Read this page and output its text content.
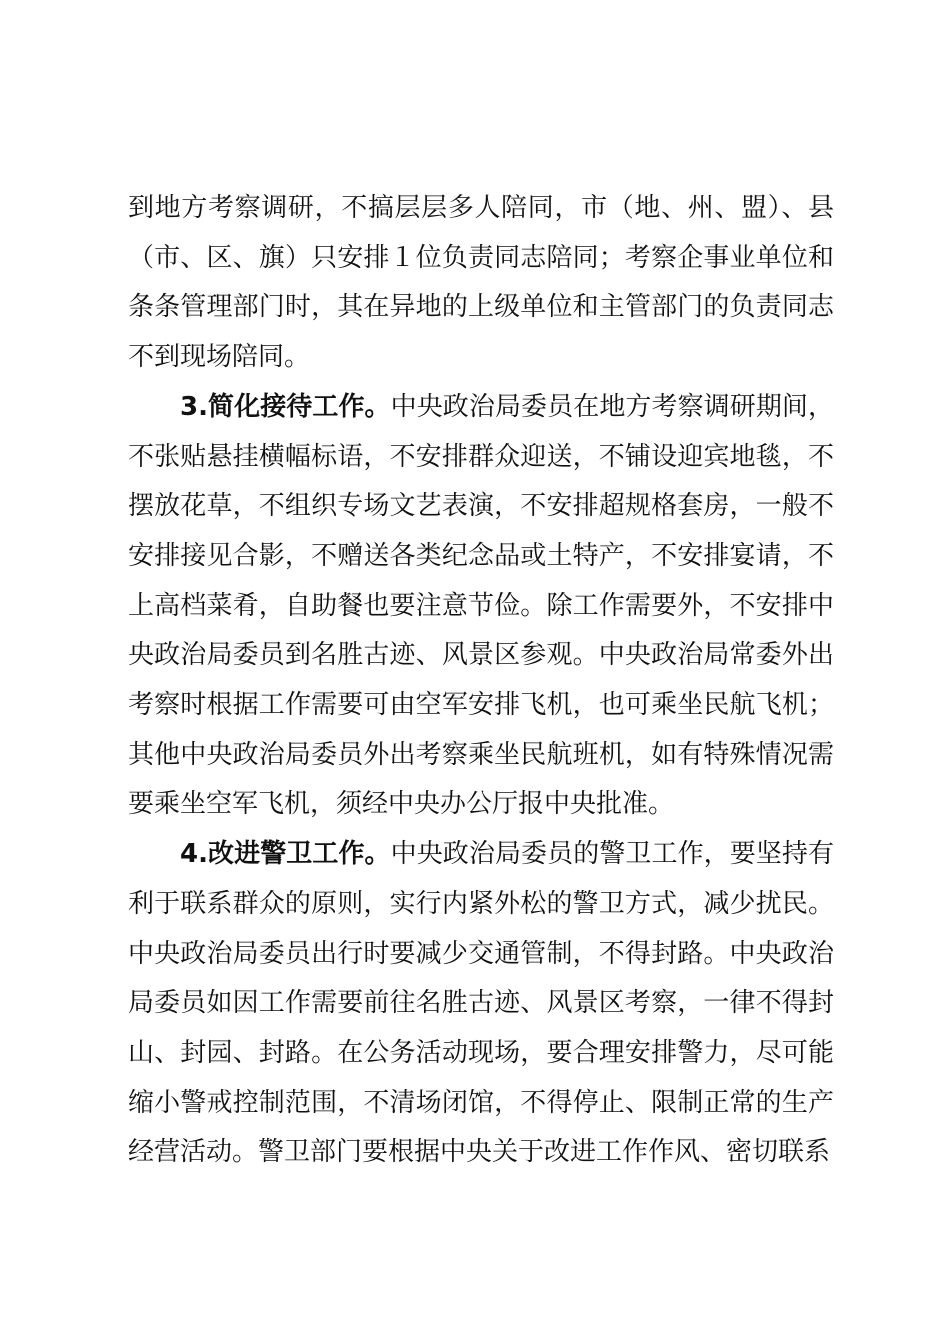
到地方考察调研，不搞层层多人陪同，市（地、州、盟）、县（市、区、旗）只安排１位负责同志陪同；考察企事业单位和条条管理部门时，其在异地的上级单位和主管部门的负责同志不到现场陪同。

3.简化接待工作。中央政治局委员在地方考察调研期间，不张贴悬挂横幅标语，不安排群众迎送，不铺设迎宾地毯，不摆放花草，不组织专场文艺表演，不安排超规格套房，一般不安排接见合影，不赠送各类纪念品或土特产，不安排宴请，不上高档菜肴，自助餐也要注意节俭。除工作需要外，不安排中央政治局委员到名胜古迹、风景区参观。中央政治局常委外出考察时根据工作需要可由空军安排飞机，也可乘坐民航飞机；其他中央政治局委员外出考察乘坐民航班机，如有特殊情况需要乘坐空军飞机，须经中央办公厅报中央批准。

4.改进警卫工作。中央政治局委员的警卫工作，要坚持有利于联系群众的原则，实行内紧外松的警卫方式，减少扰民。中央政治局委员出行时要减少交通管制，不得封路。中央政治局委员如因工作需要前往名胜古迹、风景区考察，一律不得封山、封园、封路。在公务活动现场，要合理安排警力，尽可能缩小警戒控制范围，不清场闭馆，不得停止、限制正常的生产经营活动。警卫部门要根据中央关于改进工作作风、密切联系
